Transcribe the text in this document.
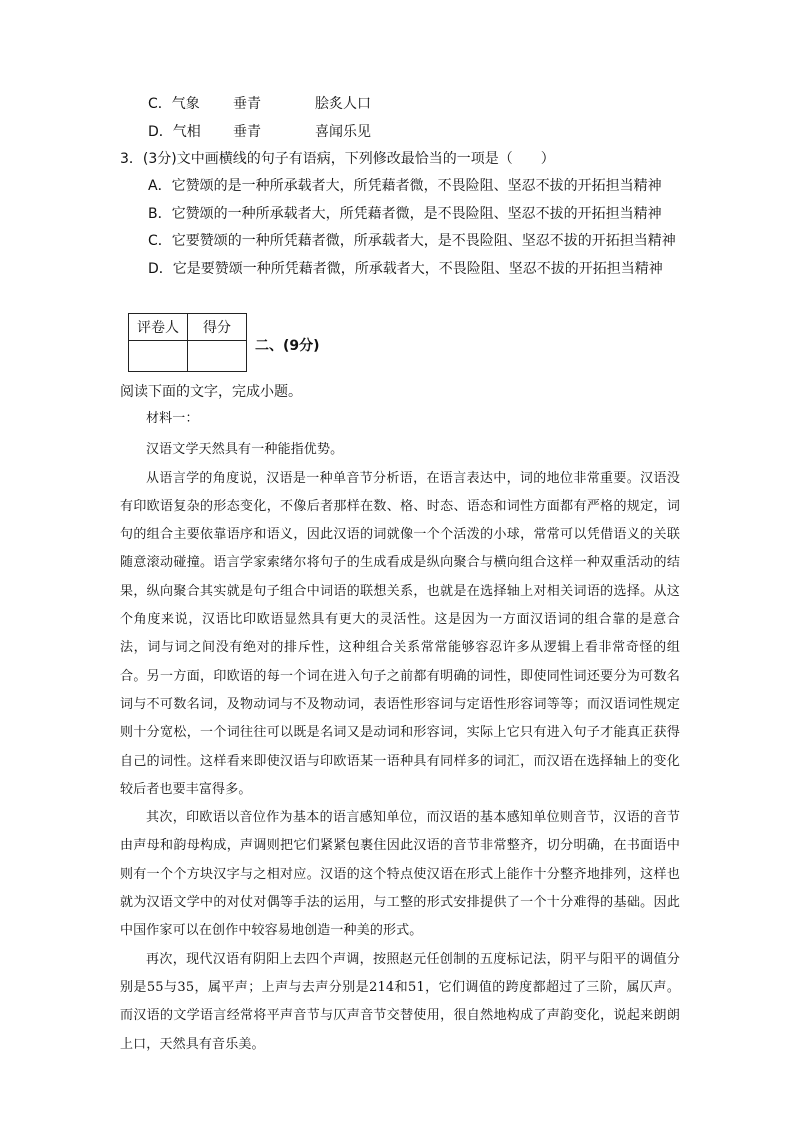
C．气象 垂青	脍炙人口
D．气相 垂青	喜闻乐见
3．(3分)文中画横线的句子有语病，下列修改最恰当的一项是（　　）
A．它赞颂的是一种所承载者大，所凭藉者微，不畏险阻、坚忍不拔的开拓担当精神
B．它赞颂的一种所承载者大，所凭藉者微，是不畏险阻、坚忍不拔的开拓担当精神
C．它要赞颂的一种所凭藉者微，所承载者大，是不畏险阻、坚忍不拔的开拓担当精神
D．它是要赞颂一种所凭藉者微，所承载者大，不畏险阻、坚忍不拔的开拓担当精神
评卷人	得分

二、(9分)
阅读下面的文字，完成小题。

材料一：

汉语文学天然具有一种能指优势。

从语言学的角度说，汉语是一种单音节分析语，在语言表达中，词的地位非常重要。汉语没有印欧语复杂的形态变化，不像后者那样在数、格、时态、语态和词性方面都有严格的规定，词句的组合主要依靠语序和语义，因此汉语的词就像一个个活泼的小球，常常可以凭借语义的关联随意滚动碰撞。语言学家索绪尔将句子的生成看成是纵向聚合与横向组合这样一种双重活动的结果，纵向聚合其实就是句子组合中词语的联想关系，也就是在选择轴上对相关词语的选择。从这个角度来说，汉语比印欧语显然具有更大的灵活性。这是因为一方面汉语词的组合靠的是意合法，词与词之间没有绝对的排斥性，这种组合关系常常能够容忍许多从逻辑上看非常奇怪的组合。另一方面，印欧语的每一个词在进入句子之前都有明确的词性，即使同性词还要分为可数名词与不可数名词，及物动词与不及物动词，表语性形容词与定语性形容词等等；而汉语词性规定则十分宽松，一个词往往可以既是名词又是动词和形容词，实际上它只有进入句子才能真正获得自己的词性。这样看来即使汉语与印欧语某一语种具有同样多的词汇，而汉语在选择轴上的变化较后者也要丰富得多。

其次，印欧语以音位作为基本的语言感知单位，而汉语的基本感知单位则音节，汉语的音节由声母和韵母构成，声调则把它们紧紧包裹住因此汉语的音节非常整齐，切分明确，在书面语中则有一个个方块汉字与之相对应。汉语的这个特点使汉语在形式上能作十分整齐地排列，这样也就为汉语文学中的对仗对偶等手法的运用，与工整的形式安排提供了一个十分难得的基础。因此中国作家可以在创作中较容易地创造一种美的形式。

再次，现代汉语有阴阳上去四个声调，按照赵元任创制的五度标记法，阴平与阳平的调值分别是55与35，属平声；上声与去声分别是214和51，它们调值的跨度都超过了三阶，属仄声。而汉语的文学语言经常将平声音节与仄声音节交替使用，很自然地构成了声韵变化，说起来朗朗上口，天然具有音乐美。
